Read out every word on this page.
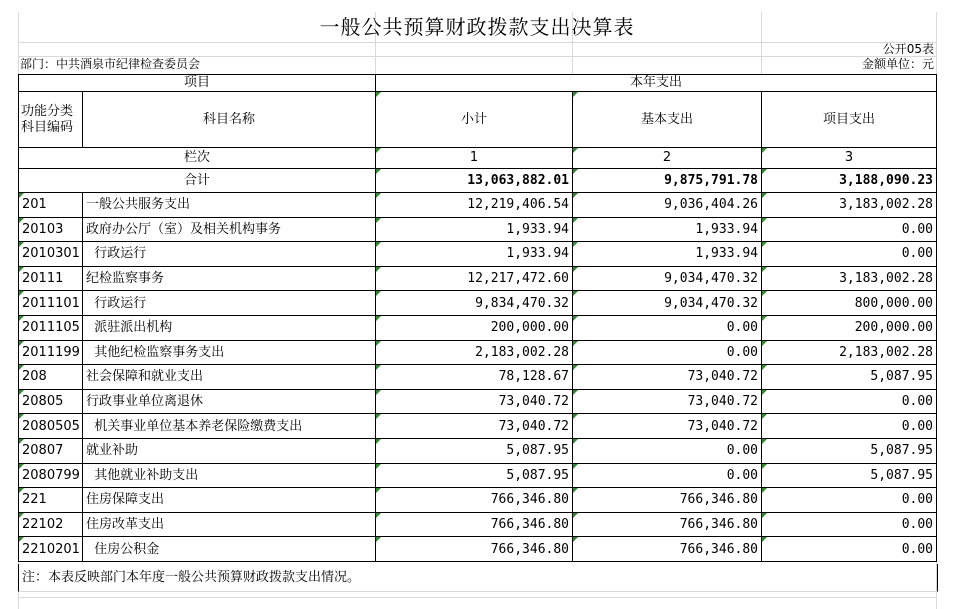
一般公共预算财政拨款支出决算表
公开05表
部门：中共酒泉市纪律检查委员会	金额单位：元
项目		本年支出		
功能分类科目编码	科目名称	小计	基本支出	项目支出
栏次		1	2	3
合计		13,063,882.01	9,875,791.78	3,188,090.23
201	一般公共服务支出	12,219,406.54	9,036,404.26	3,183,002.28
20103	政府办公厅（室）及相关机构事务	1,933.94	1,933.94	0.00
2010301	行政运行	1,933.94	1,933.94	0.00
20111	纪检监察事务	12,217,472.60	9,034,470.32	3,183,002.28
2011101	行政运行	9,834,470.32	9,034,470.32	800,000.00
2011105	派驻派出机构	200,000.00	0.00	200,000.00
2011199	其他纪检监察事务支出	2,183,002.28	0.00	2,183,002.28
208	社会保障和就业支出	78,128.67	73,040.72	5,087.95
20805	行政事业单位离退休	73,040.72	73,040.72	0.00
2080505	机关事业单位基本养老保险缴费支出	73,040.72	73,040.72	0.00
20807	就业补助	5,087.95	0.00	5,087.95
2080799	其他就业补助支出	5,087.95	0.00	5,087.95
221	住房保障支出	766,346.80	766,346.80	0.00
22102	住房改革支出	766,346.80	766,346.80	0.00
2210201	住房公积金	766,346.80	766,346.80	0.00
注：本表反映部门本年度一般公共预算财政拨款支出情况。
